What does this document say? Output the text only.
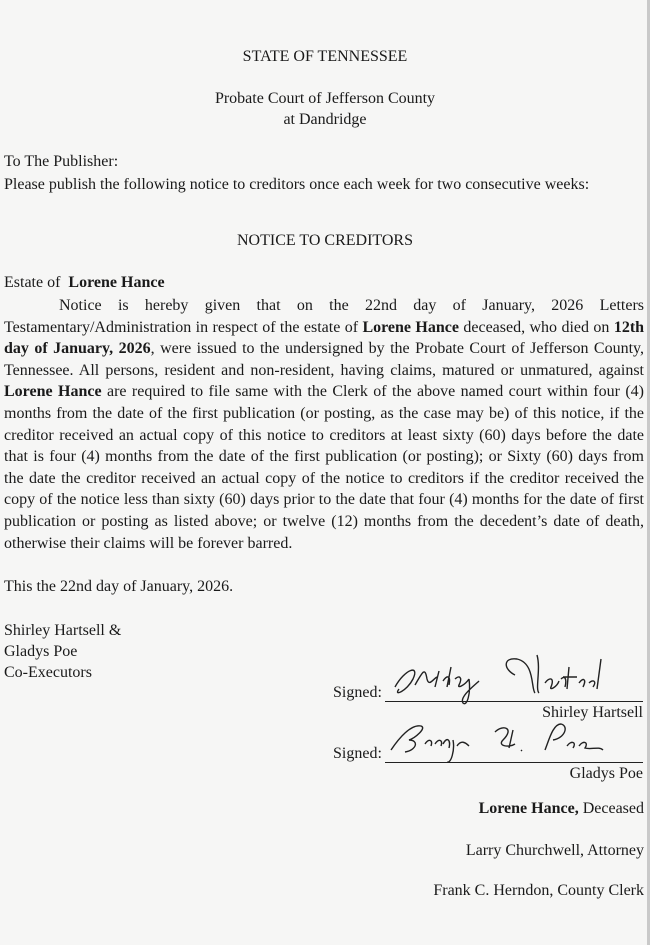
STATE OF TENNESSEE
Probate Court of Jefferson County
at Dandridge
To The Publisher:
Please publish the following notice to creditors once each week for two consecutive weeks:
NOTICE TO CREDITORS
Estate of Lorene Hance
Notice is hereby given that on the 22nd day of January, 2026 Letters Testamentary/Administration in respect of the estate of Lorene Hance deceased, who died on 12th day of January, 2026, were issued to the undersigned by the Probate Court of Jefferson County, Tennessee. All persons, resident and non-resident, having claims, matured or unmatured, against Lorene Hance are required to file same with the Clerk of the above named court within four (4) months from the date of the first publication (or posting, as the case may be) of this notice, if the creditor received an actual copy of this notice to creditors at least sixty (60) days before the date that is four (4) months from the date of the first publication (or posting); or Sixty (60) days from the date the creditor received an actual copy of the notice to creditors if the creditor received the copy of the notice less than sixty (60) days prior to the date that four (4) months for the date of first publication or posting as listed above; or twelve (12) months from the decedent’s date of death, otherwise their claims will be forever barred.
This the 22nd day of January, 2026.
Shirley Hartsell &
Gladys Poe
Co-Executors
Signed:
Shirley Hartsell
Signed:
Gladys Poe
Lorene Hance, Deceased
Larry Churchwell, Attorney
Frank C. Herndon, County Clerk
